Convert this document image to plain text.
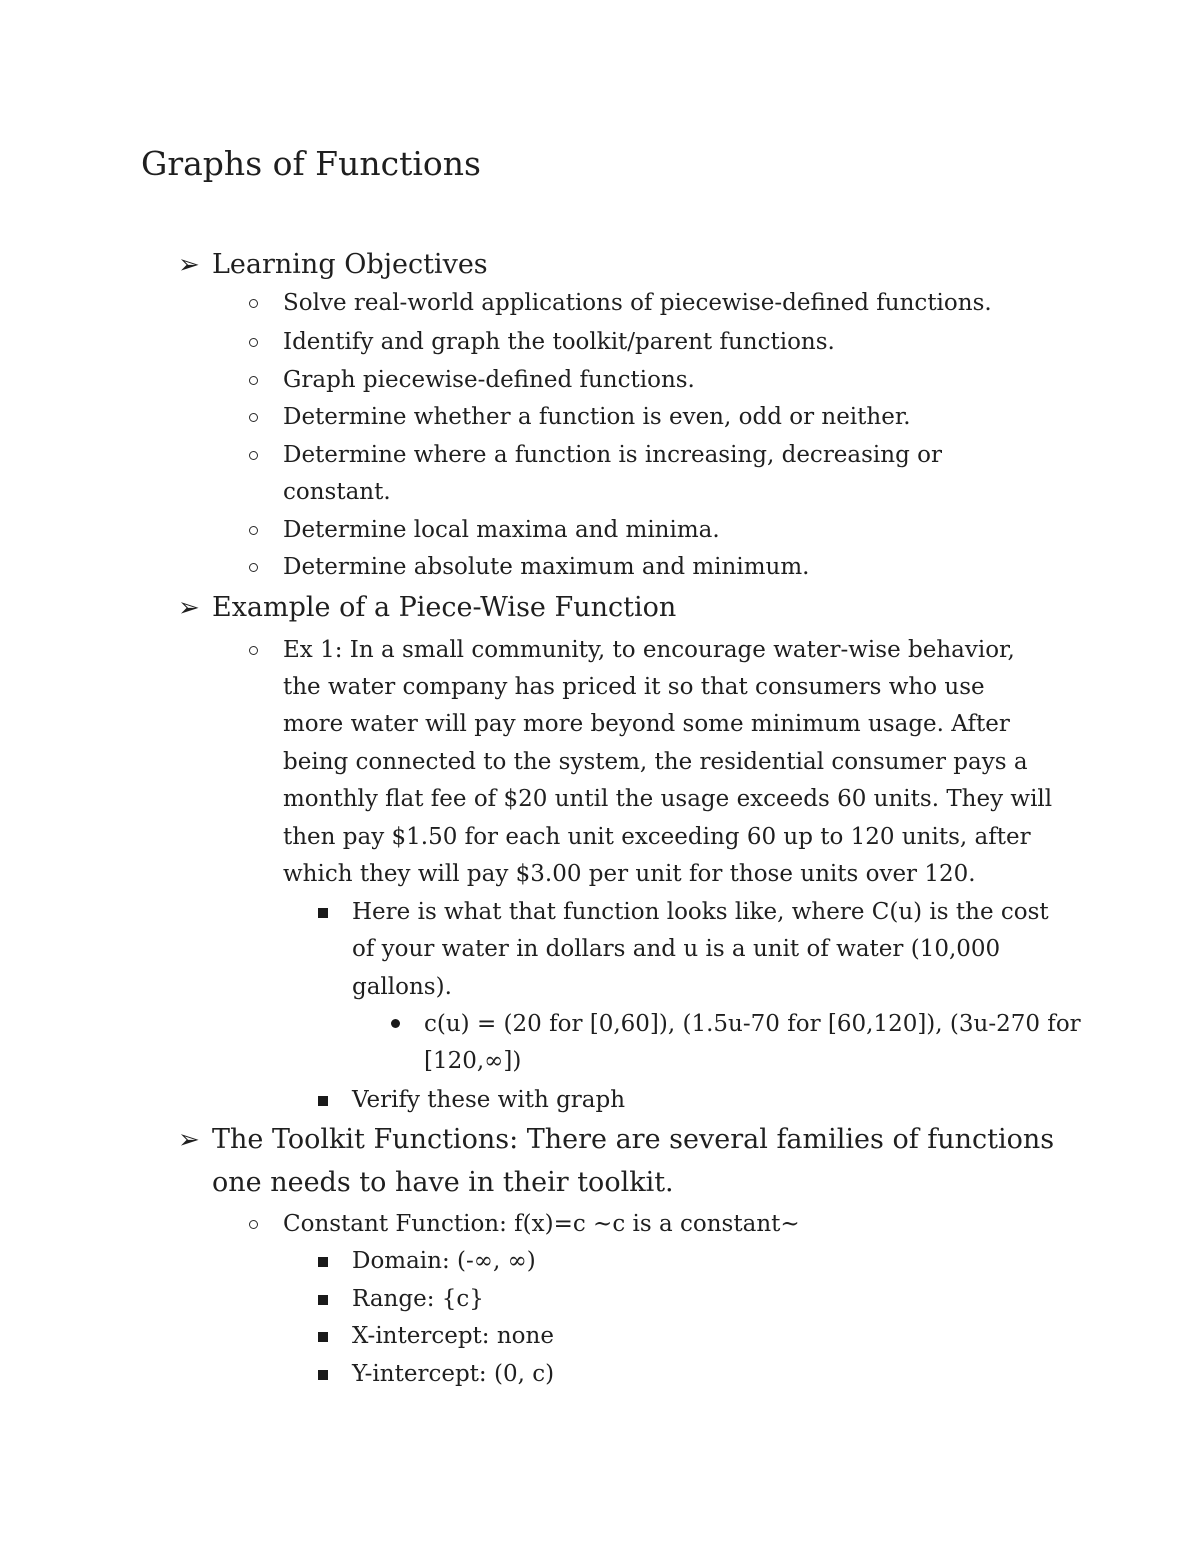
Graphs of Functions
➢ Learning Objectives
Solve real-world applications of piecewise-defined functions.
Identify and graph the toolkit/parent functions.
Graph piecewise-defined functions.
Determine whether a function is even, odd or neither.
Determine where a function is increasing, decreasing or
constant.
Determine local maxima and minima.
Determine absolute maximum and minimum.
➢ Example of a Piece-Wise Function
Ex 1: In a small community, to encourage water-wise behavior,
the water company has priced it so that consumers who use
more water will pay more beyond some minimum usage. After
being connected to the system, the residential consumer pays a
monthly flat fee of $20 until the usage exceeds 60 units. They will
then pay $1.50 for each unit exceeding 60 up to 120 units, after
which they will pay $3.00 per unit for those units over 120.
Here is what that function looks like, where C(u) is the cost
of your water in dollars and u is a unit of water (10,000
gallons).
c(u) = (20 for [0,60]), (1.5u-70 for [60,120]), (3u-270 for
[120,∞])
Verify these with graph
➢ The Toolkit Functions: There are several families of functions
one needs to have in their toolkit.
Constant Function: f(x)=c ~c is a constant~
Domain: (-∞, ∞)
Range: {c}
X-intercept: none
Y-intercept: (0, c)
